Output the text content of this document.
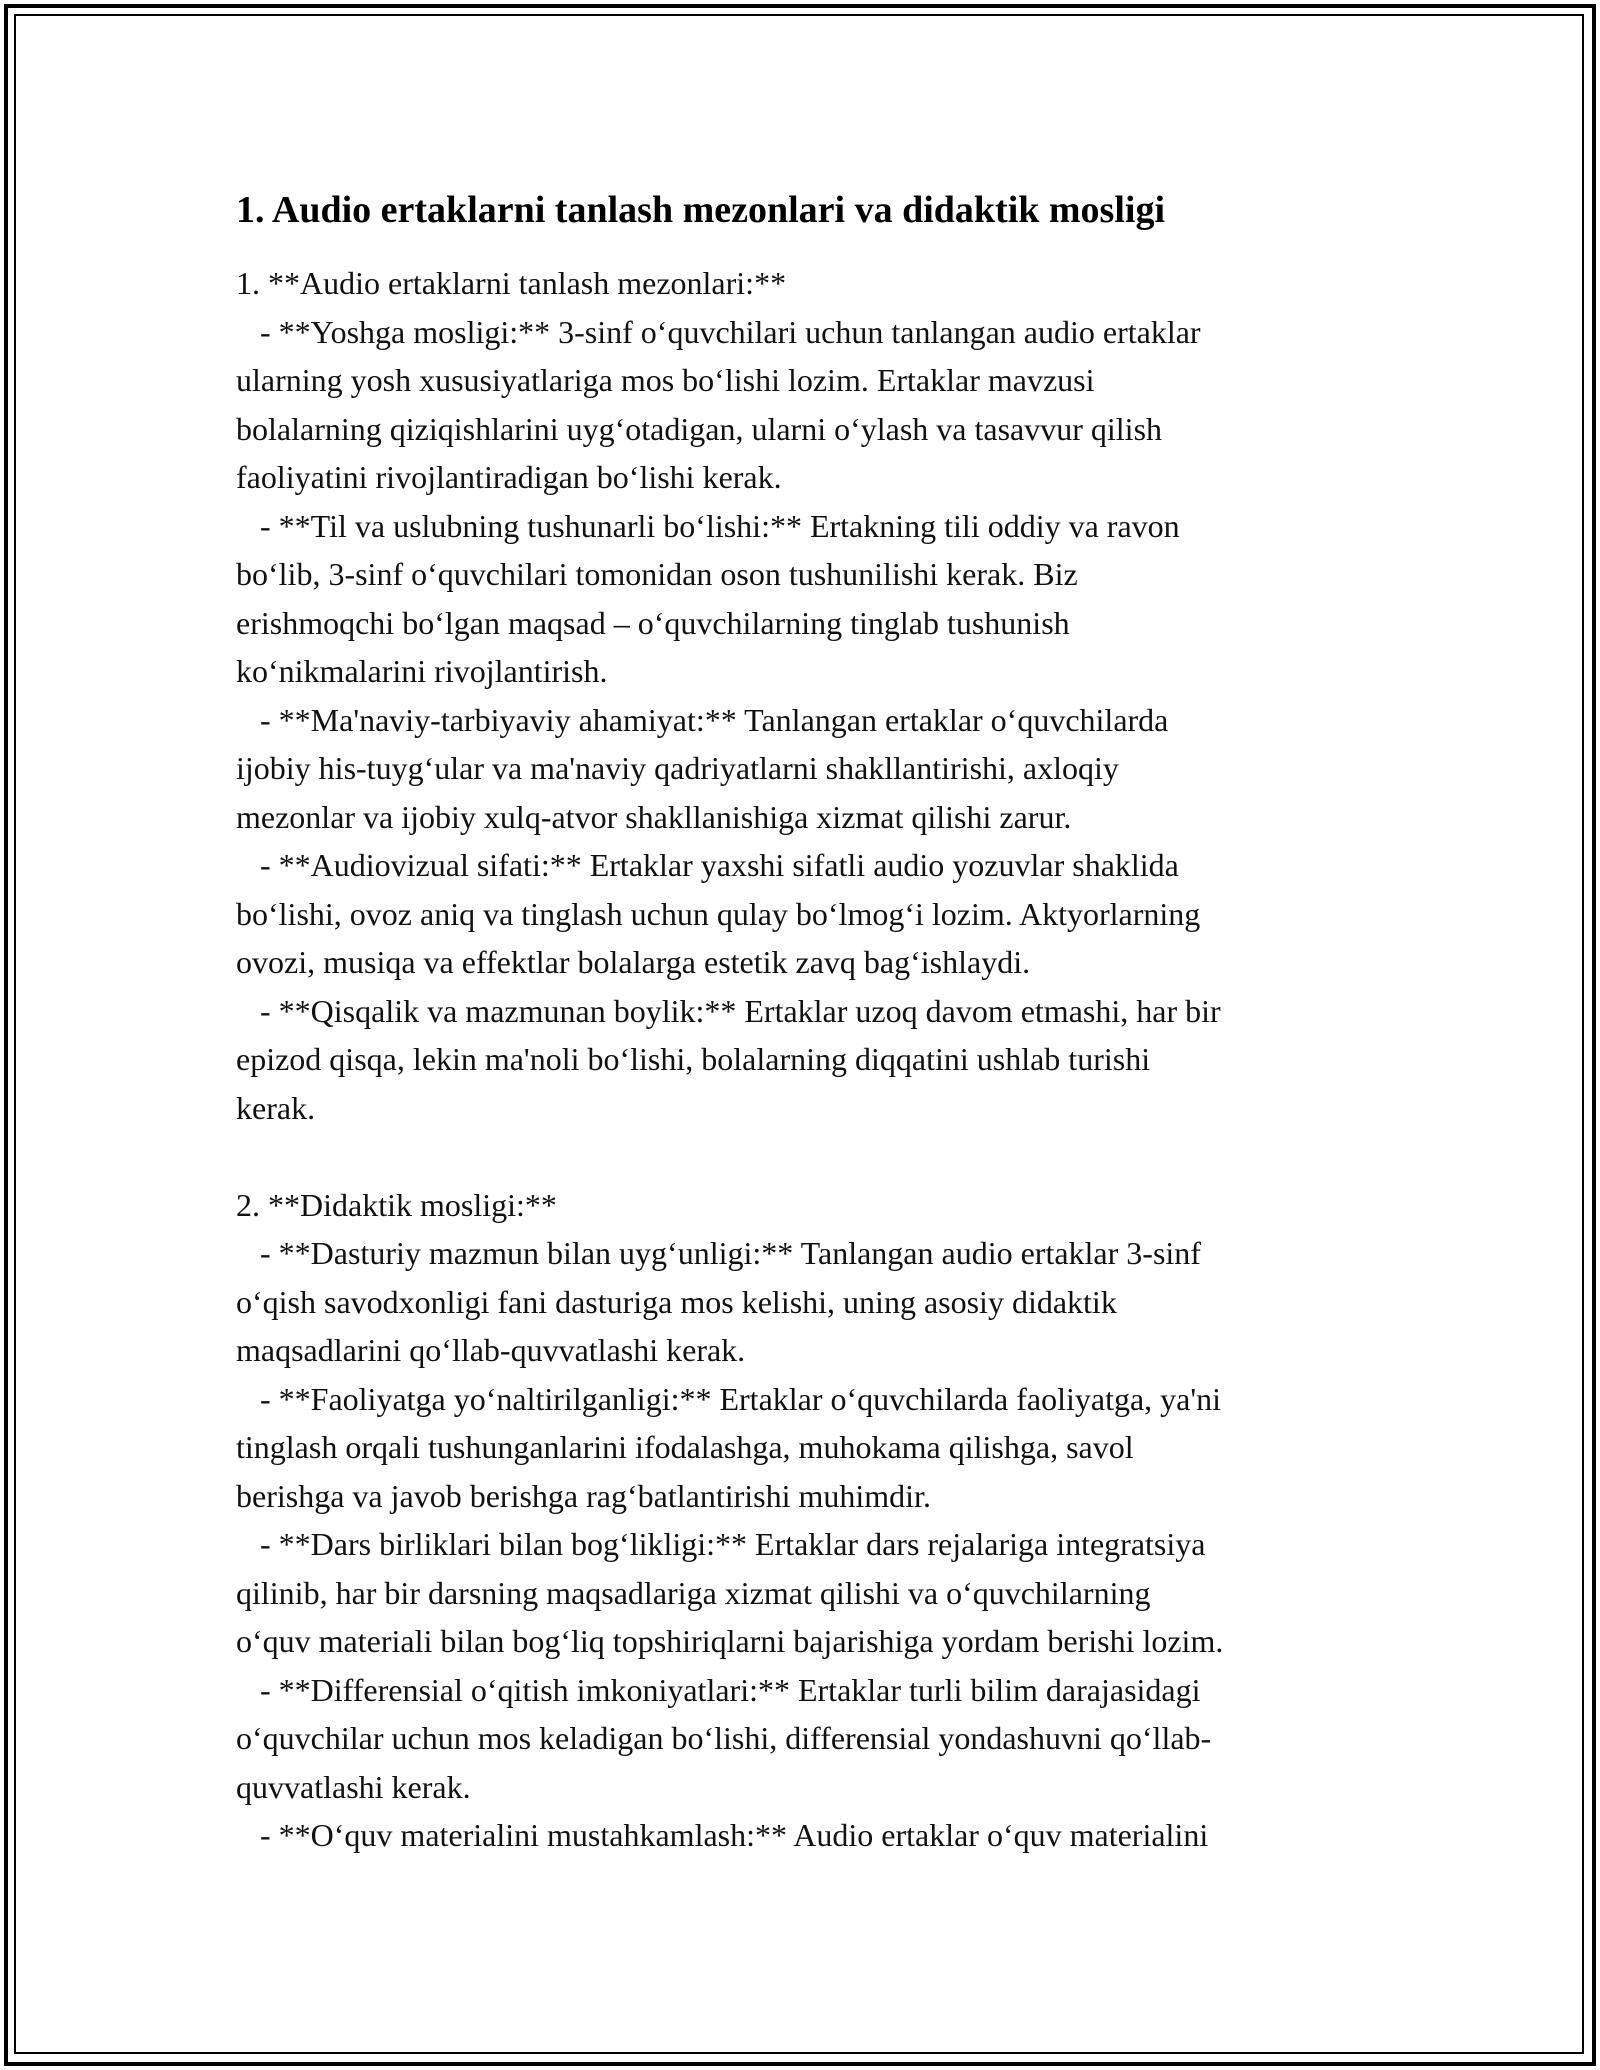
1. Audio ertaklarni tanlash mezonlari va didaktik mosligi
1. **Audio ertaklarni tanlash mezonlari:**
- **Yoshga mosligi:** 3-sinf o‘quvchilari uchun tanlangan audio ertaklar
ularning yosh xususiyatlariga mos bo‘lishi lozim. Ertaklar mavzusi
bolalarning qiziqishlarini uyg‘otadigan, ularni o‘ylash va tasavvur qilish
faoliyatini rivojlantiradigan bo‘lishi kerak.
- **Til va uslubning tushunarli bo‘lishi:** Ertakning tili oddiy va ravon
bo‘lib, 3-sinf o‘quvchilari tomonidan oson tushunilishi kerak. Biz
erishmoqchi bo‘lgan maqsad – o‘quvchilarning tinglab tushunish
ko‘nikmalarini rivojlantirish.
- **Ma'naviy-tarbiyaviy ahamiyat:** Tanlangan ertaklar o‘quvchilarda
ijobiy his-tuyg‘ular va ma'naviy qadriyatlarni shakllantirishi, axloqiy
mezonlar va ijobiy xulq-atvor shakllanishiga xizmat qilishi zarur.
- **Audiovizual sifati:** Ertaklar yaxshi sifatli audio yozuvlar shaklida
bo‘lishi, ovoz aniq va tinglash uchun qulay bo‘lmog‘i lozim. Aktyorlarning
ovozi, musiqa va effektlar bolalarga estetik zavq bag‘ishlaydi.
- **Qisqalik va mazmunan boylik:** Ertaklar uzoq davom etmashi, har bir
epizod qisqa, lekin ma'noli bo‘lishi, bolalarning diqqatini ushlab turishi
kerak.
2. **Didaktik mosligi:**
- **Dasturiy mazmun bilan uyg‘unligi:** Tanlangan audio ertaklar 3-sinf
o‘qish savodxonligi fani dasturiga mos kelishi, uning asosiy didaktik
maqsadlarini qo‘llab-quvvatlashi kerak.
- **Faoliyatga yo‘naltirilganligi:** Ertaklar o‘quvchilarda faoliyatga, ya'ni
tinglash orqali tushunganlarini ifodalashga, muhokama qilishga, savol
berishga va javob berishga rag‘batlantirishi muhimdir.
- **Dars birliklari bilan bog‘likligi:** Ertaklar dars rejalariga integratsiya
qilinib, har bir darsning maqsadlariga xizmat qilishi va o‘quvchilarning
o‘quv materiali bilan bog‘liq topshiriqlarni bajarishiga yordam berishi lozim.
- **Differensial o‘qitish imkoniyatlari:** Ertaklar turli bilim darajasidagi
o‘quvchilar uchun mos keladigan bo‘lishi, differensial yondashuvni qo‘llab-
quvvatlashi kerak.
- **O‘quv materialini mustahkamlash:** Audio ertaklar o‘quv materialini
